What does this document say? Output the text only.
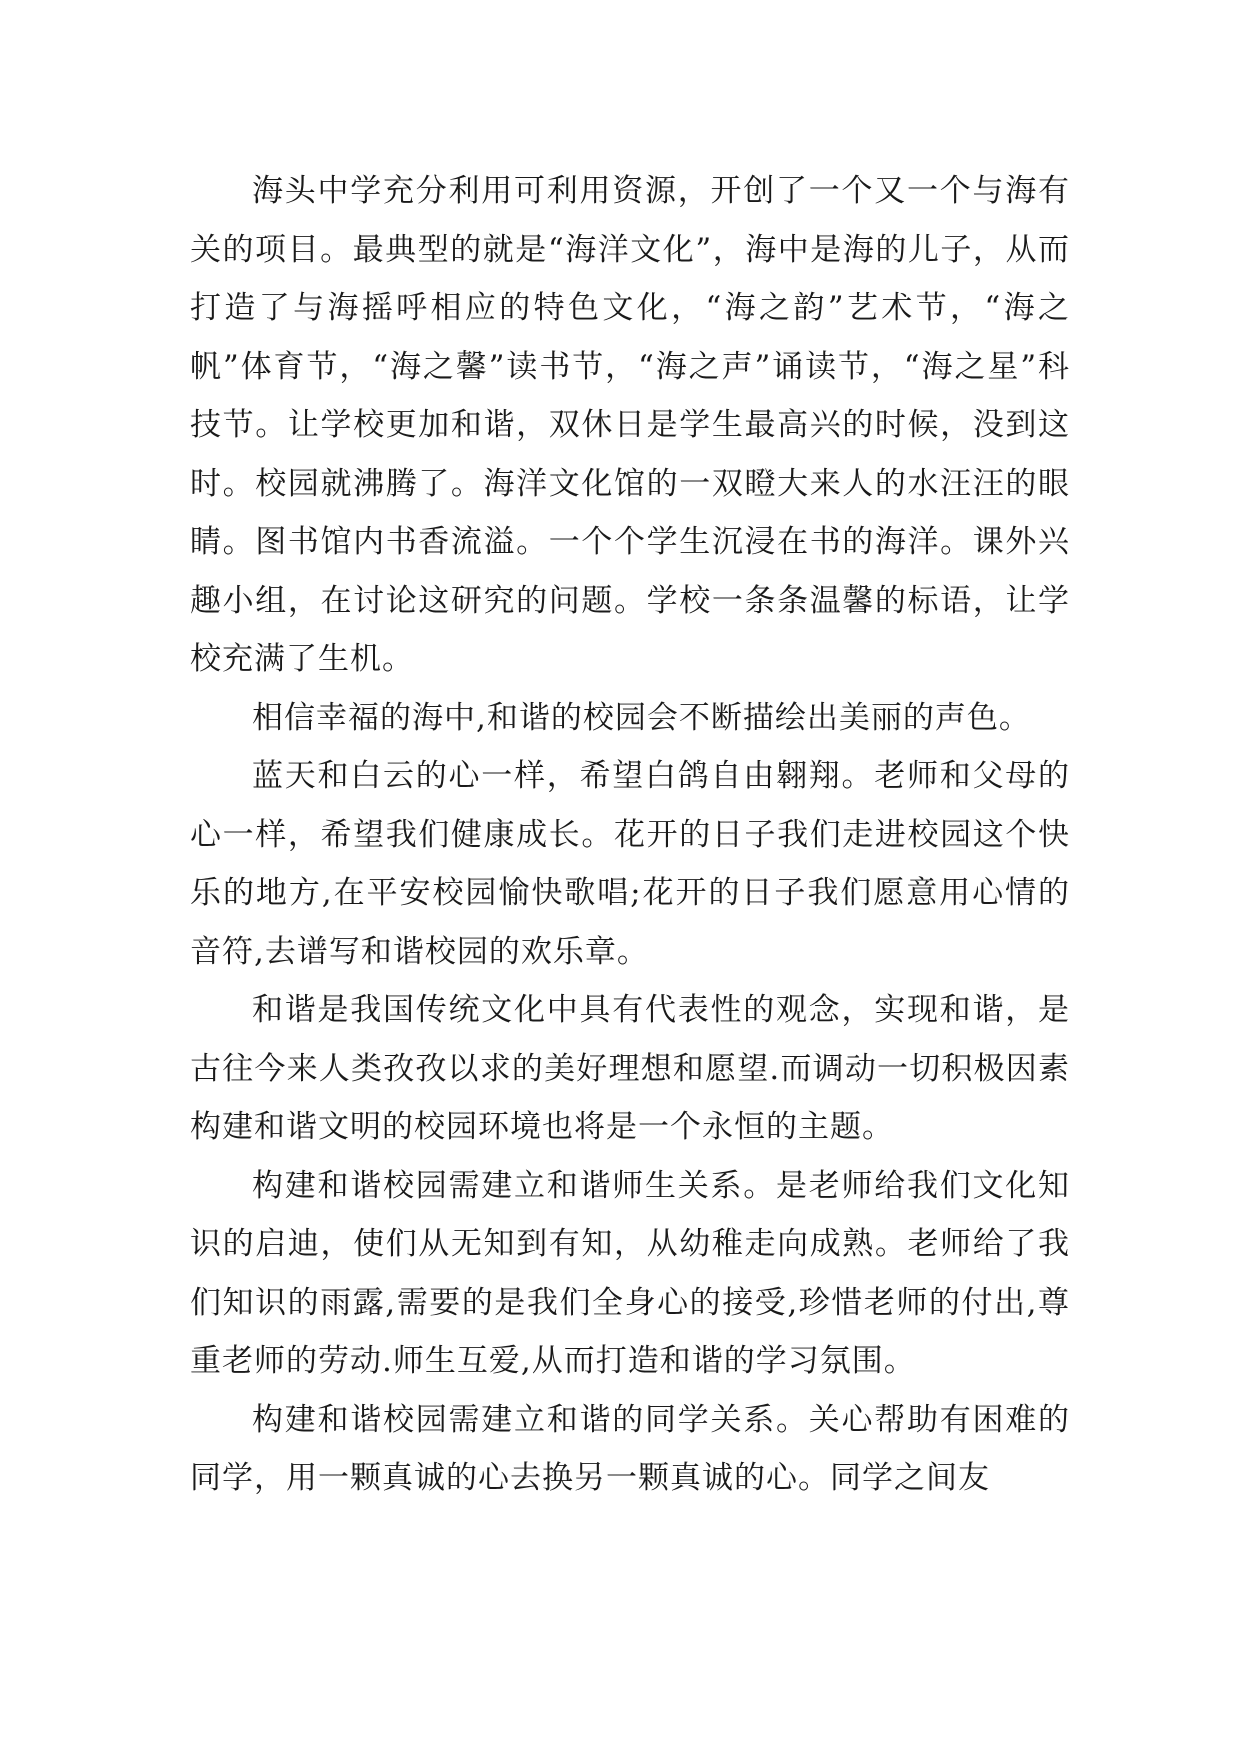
海头中学充分利用可利用资源，开创了一个又一个与海有关的项目。最典型的就是“海洋文化”，海中是海的儿子，从而打造了与海摇呼相应的特色文化，“海之韵”艺术节，“海之帆”体育节，“海之馨”读书节，“海之声”诵读节，“海之星”科技节。让学校更加和谐，双休日是学生最高兴的时候，没到这时。校园就沸腾了。海洋文化馆的一双瞪大来人的水汪汪的眼睛。图书馆内书香流溢。一个个学生沉浸在书的海洋。课外兴趣小组，在讨论这研究的问题。学校一条条温馨的标语，让学校充满了生机。

相信幸福的海中,和谐的校园会不断描绘出美丽的声色。

蓝天和白云的心一样，希望白鸽自由翱翔。老师和父母的心一样，希望我们健康成长。花开的日子我们走进校园这个快乐的地方,在平安校园愉快歌唱;花开的日子我们愿意用心情的音符,去谱写和谐校园的欢乐章。

和谐是我国传统文化中具有代表性的观念，实现和谐，是古往今来人类孜孜以求的美好理想和愿望.而调动一切积极因素构建和谐文明的校园环境也将是一个永恒的主题。

构建和谐校园需建立和谐师生关系。是老师给我们文化知识的启迪，使们从无知到有知，从幼稚走向成熟。老师给了我们知识的雨露,需要的是我们全身心的接受,珍惜老师的付出,尊重老师的劳动.师生互爱,从而打造和谐的学习氛围。

构建和谐校园需建立和谐的同学关系。关心帮助有困难的同学，用一颗真诚的心去换另一颗真诚的心。同学之间友
